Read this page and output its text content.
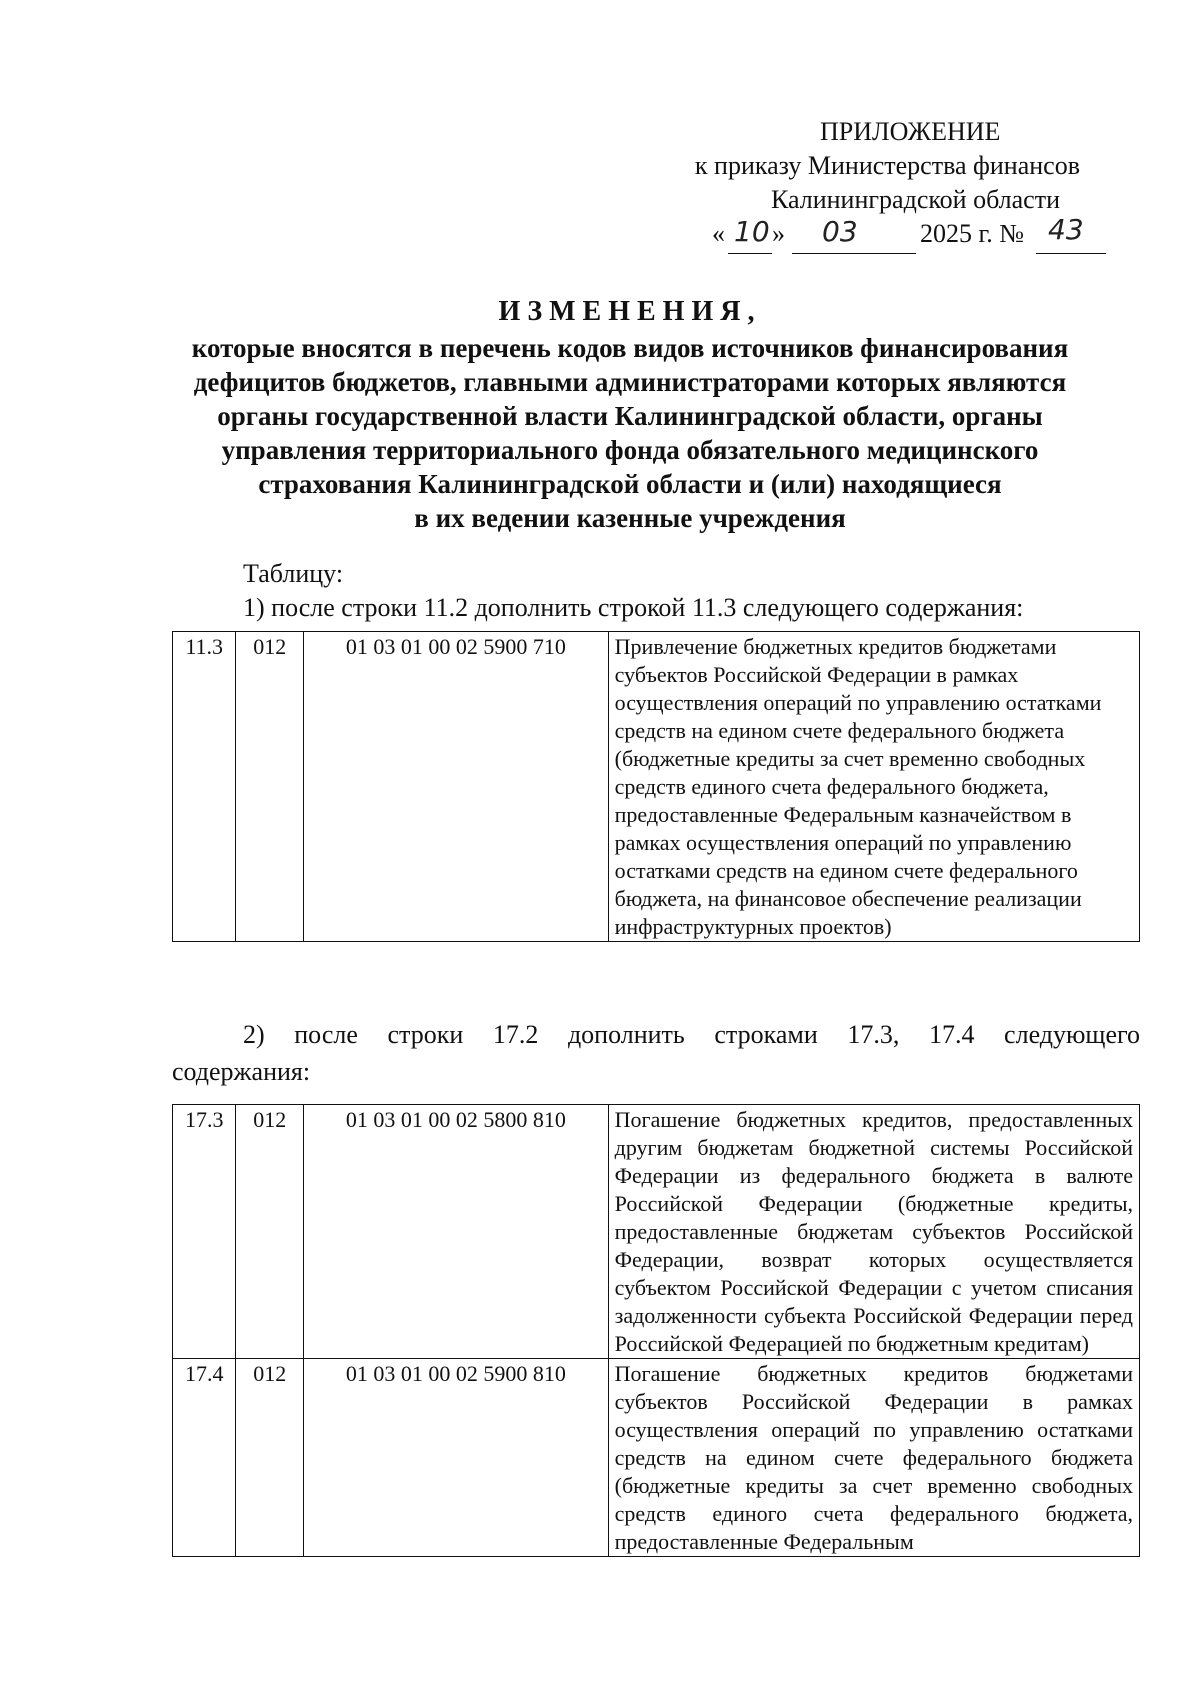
ПРИЛОЖЕНИЕ
к приказу Министерства финансов
Калининградской области
« 10 » 03 2025 г. № 43
ИЗМЕНЕНИЯ,
которые вносятся в перечень кодов видов источников финансирования
дефицитов бюджетов, главными администраторами которых являются
органы государственной власти Калининградской области, органы
управления территориального фонда обязательного медицинского
страхования Калининградской области и (или) находящиеся
в их ведении казенные учреждения
Таблицу:
1) после строки 11.2 дополнить строкой 11.3 следующего содержания:
11.3	012	01 03 01 00 02 5900 710	Привлечение бюджетных кредитов бюджетами субъектов Российской Федерации в рамках осуществления операций по управлению остатками средств на едином счете федерального бюджета (бюджетные кредиты за счет временно свободных средств единого счета федерального бюджета, предоставленные Федеральным казначейством в рамках осуществления операций по управлению остатками средств на едином счете федерального бюджета, на финансовое обеспечение реализации инфраструктурных проектов)
2) после строки 17.2 дополнить строками 17.3, 17.4 следующего
содержания:
17.3	012	01 03 01 00 02 5800 810	Погашение бюджетных кредитов, предоставленных другим бюджетам бюджетной системы Российской Федерации из федерального бюджета в валюте Российской Федерации (бюджетные кредиты, предоставленные бюджетам субъектов Российской Федерации, возврат которых осуществляется субъектом Российской Федерации с учетом списания задолженности субъекта Российской Федерации перед Российской Федерацией по бюджетным кредитам)
17.4	012	01 03 01 00 02 5900 810	Погашение бюджетных кредитов бюджетами субъектов Российской Федерации в рамках осуществления операций по управлению остатками средств на едином счете федерального бюджета (бюджетные кредиты за счет временно свободных средств единого счета федерального бюджета, предоставленные Федеральным
